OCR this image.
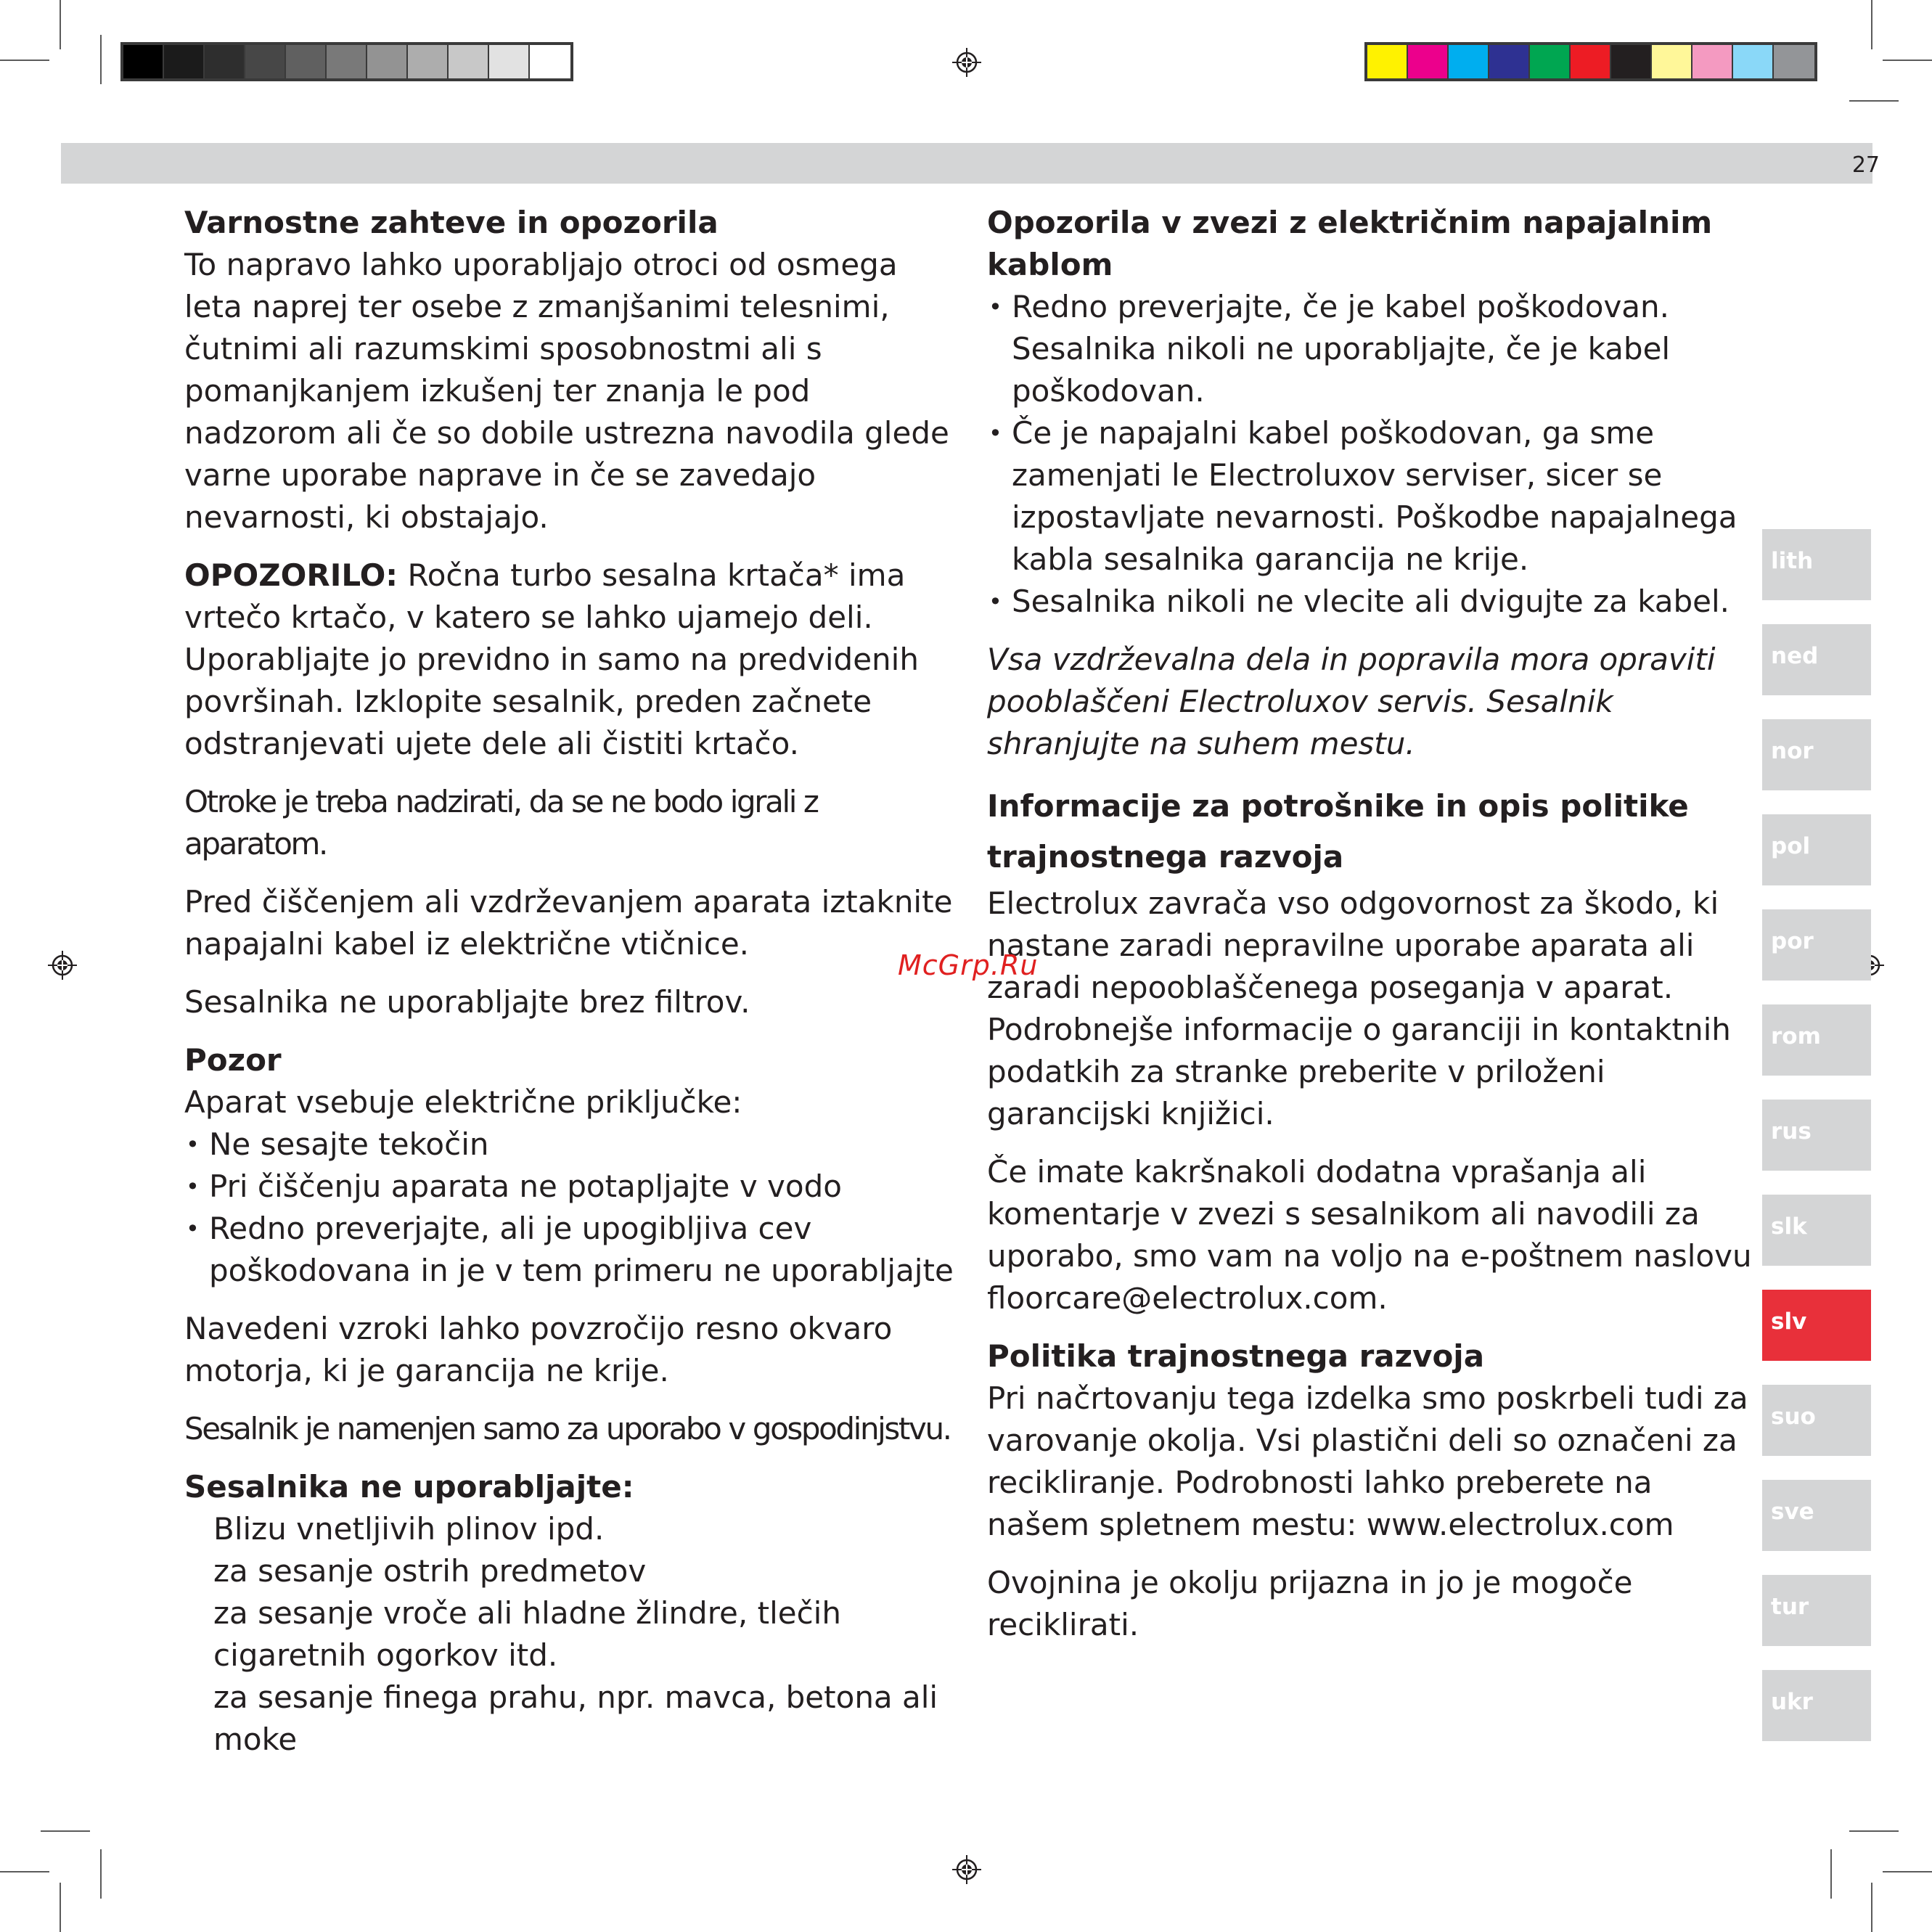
27
Varnostne zahteve in opozorila

To napravo lahko uporabljajo otroci od osmega leta naprej ter osebe z zmanjšanimi telesnimi, čutnimi ali razumskimi sposobnostmi ali s pomanjkanjem izkušenj ter znanja le pod nadzorom ali če so dobile ustrezna navodila glede varne uporabe naprave in če se zavedajo nevarnosti, ki obstajajo.

OPOZORILO: Ročna turbo sesalna krtača* ima vrtečo krtačo, v katero se lahko ujamejo deli. Uporabljajte jo previdno in samo na predvidenih površinah. Izklopite sesalnik, preden začnete odstranjevati ujete dele ali čistiti krtačo.

Otroke je treba nadzirati, da se ne bodo igrali z aparatom.

Pred čiščenjem ali vzdrževanjem aparata iztaknite napajalni kabel iz električne vtičnice.

Sesalnika ne uporabljajte brez filtrov.

Pozor
Aparat vsebuje električne priključke:
• Ne sesajte tekočin
• Pri čiščenju aparata ne potapljajte v vodo
• Redno preverjajte, ali je upogibljiva cev poškodovana in je v tem primeru ne uporabljajte

Navedeni vzroki lahko povzročijo resno okvaro motorja, ki je garancija ne krije.

Sesalnik je namenjen samo za uporabo v gospodinjstvu.

Sesalnika ne uporabljajte:
Blizu vnetljivih plinov ipd.
za sesanje ostrih predmetov
za sesanje vroče ali hladne žlindre, tlečih cigaretnih ogorkov itd.
za sesanje finega prahu, npr. mavca, betona ali moke
Opozorila v zvezi z električnim napajalnim kablom
• Redno preverjajte, če je kabel poškodovan. Sesalnika nikoli ne uporabljajte, če je kabel poškodovan.
• Če je napajalni kabel poškodovan, ga sme zamenjati le Electroluxov serviser, sicer se izpostavljate nevarnosti. Poškodbe napajalnega kabla sesalnika garancija ne krije.
• Sesalnika nikoli ne vlecite ali dvigujte za kabel.

Vsa vzdrževalna dela in popravila mora opraviti pooblaščeni Electroluxov servis. Sesalnik shranjujte na suhem mestu.

Informacije za potrošnike in opis politike trajnostnega razvoja

Electrolux zavrača vso odgovornost za škodo, ki nastane zaradi nepravilne uporabe aparata ali zaradi nepooblaščenega poseganja v aparat. Podrobnejše informacije o garanciji in kontaktnih podatkih za stranke preberite v priloženi garancijski knjižici.

Če imate kakršnakoli dodatna vprašanja ali komentarje v zvezi s sesalnikom ali navodili za uporabo, smo vam na voljo na e-poštnem naslovu floorcare@electrolux.com.

Politika trajnostnega razvoja

Pri načrtovanju tega izdelka smo poskrbeli tudi za varovanje okolja. Vsi plastični deli so označeni za recikliranje. Podrobnosti lahko preberete na našem spletnem mestu: www.electrolux.com

Ovojnina je okolju prijazna in jo je mogoče reciklirati.

lith
ned
nor
pol
por
rom
rus
slk
slv
suo
sve
tur
ukr
McGrp.Ru
